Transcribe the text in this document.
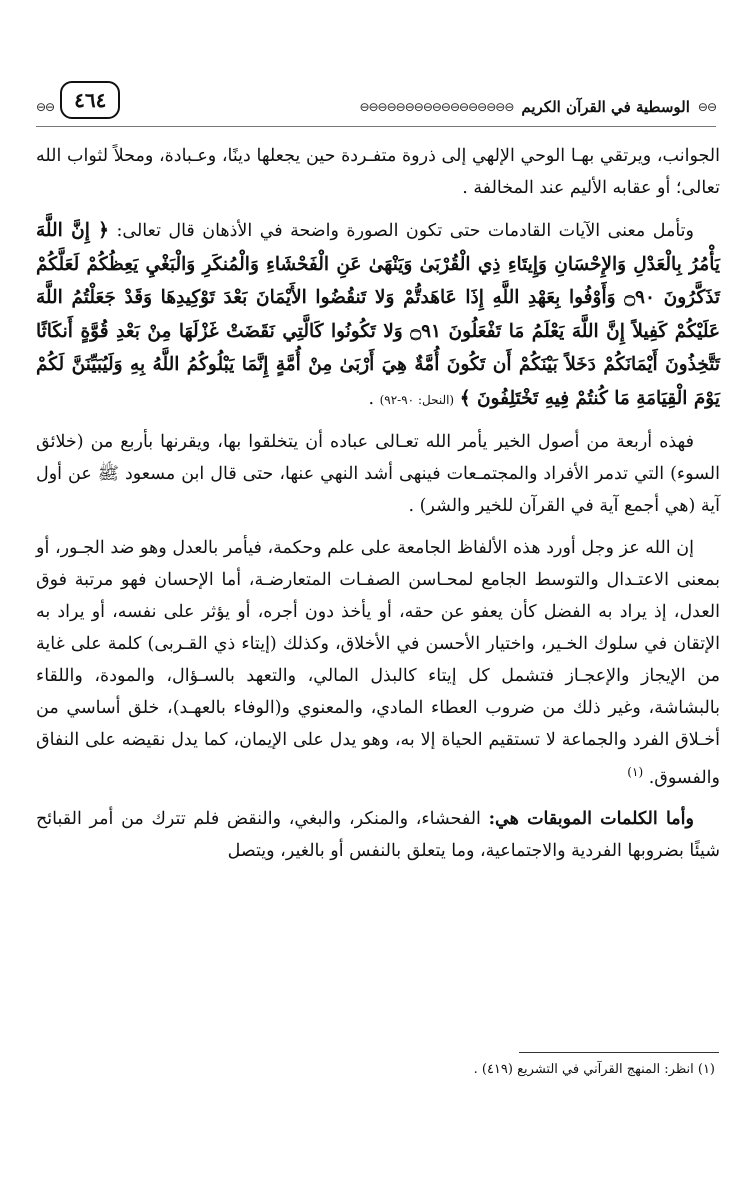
⊖⊖	٤٦٤	⊖⊖⊖⊖⊖⊖⊖⊖⊖⊖⊖⊖⊖⊖⊖⊖⊖ الوسطية في القرآن الكريم ⊖⊖

الجوانب، ويرتقي بهـا الوحي الإلهي إلى ذروة متفـردة حين يجعلها دينًا، وعـبادة، ومحلاً لثواب الله تعالى؛ أو عقابه الأليم عند المخالفة .

وتأمل معنى الآيات القادمات حتى تكون الصورة واضحة في الأذهان قال تعالى: ﴿ إِنَّ اللَّهَ يَأْمُرُ بِالْعَدْلِ وَالإِحْسَانِ وَإِيتَاءِ ذِي الْقُرْبَىٰ وَيَنْهَىٰ عَنِ الْفَحْشَاءِ وَالْمُنكَرِ وَالْبَغْيِ يَعِظُكُمْ لَعَلَّكُمْ تَذَكَّرُونَ ۝٩٠ وَأَوْفُوا بِعَهْدِ اللَّهِ إِذَا عَاهَدتُّمْ وَلا تَنقُضُوا الأَيْمَانَ بَعْدَ تَوْكِيدِهَا وَقَدْ جَعَلْتُمُ اللَّهَ عَلَيْكُمْ كَفِيلاً إِنَّ اللَّهَ يَعْلَمُ مَا تَفْعَلُونَ ۝٩١ وَلا تَكُونُوا كَالَّتِي نَقَضَتْ غَزْلَهَا مِنْ بَعْدِ قُوَّةٍ أَنكَاثًا تَتَّخِذُونَ أَيْمَانَكُمْ دَخَلاً بَيْنَكُمْ أَن تَكُونَ أُمَّةٌ هِيَ أَرْبَىٰ مِنْ أُمَّةٍ إِنَّمَا يَبْلُوكُمُ اللَّهُ بِهِ وَلَيُبَيِّنَنَّ لَكُمْ يَوْمَ الْقِيَامَةِ مَا كُنتُمْ فِيهِ تَخْتَلِفُونَ ﴾ (النحل: ٩٠-٩٢) .

فهذه أربعة من أصول الخير يأمر الله تعـالى عباده أن يتخلقوا بها، ويقرنها بأربع من (خلائق السوء) التي تدمر الأفراد والمجتمـعات فينهى أشد النهي عنها، حتى قال ابن مسعود ﷺ عن أول آية (هي أجمع آية في القرآن للخير والشر) .

إن الله عز وجل أورد هذه الألفاظ الجامعة على علم وحكمة، فيأمر بالعدل وهو ضد الجـور، أو بمعنى الاعتـدال والتوسط الجامع لمحـاسن الصفـات المتعارضـة، أما الإحسان فهو مرتبة فوق العدل، إذ يراد به الفضل كأن يعفو عن حقه، أو يأخذ دون أجره، أو يؤثر على نفسه، أو يراد به الإتقان في سلوك الخـير، واختيار الأحسن في الأخلاق، وكذلك (إيتاء ذي القـربى) كلمة على غاية من الإيجاز والإعجـاز فتشمل كل إيتاء كالبذل المالي، والتعهد بالسـؤال، والمودة، واللقاء بالبشاشة، وغير ذلك من ضروب العطاء المادي، والمعنوي و(الوفاء بالعهـد)، خلق أساسي من أخـلاق الفرد والجماعة لا تستقيم الحياة إلا به، وهو يدل على الإيمان، كما يدل نقيضه على النفاق والفسوق. $^{(١)}$

وأما الكلمات الموبقات هي: الفحشاء، والمنكر، والبغي، والنقض فلم تترك من أمر القبائح شيئًا بضروبها الفردية والاجتماعية، وما يتعلق بالنفس أو بالغير، ويتصل

(١) انظر: المنهج القرآني في التشريع (٤١٩) .
